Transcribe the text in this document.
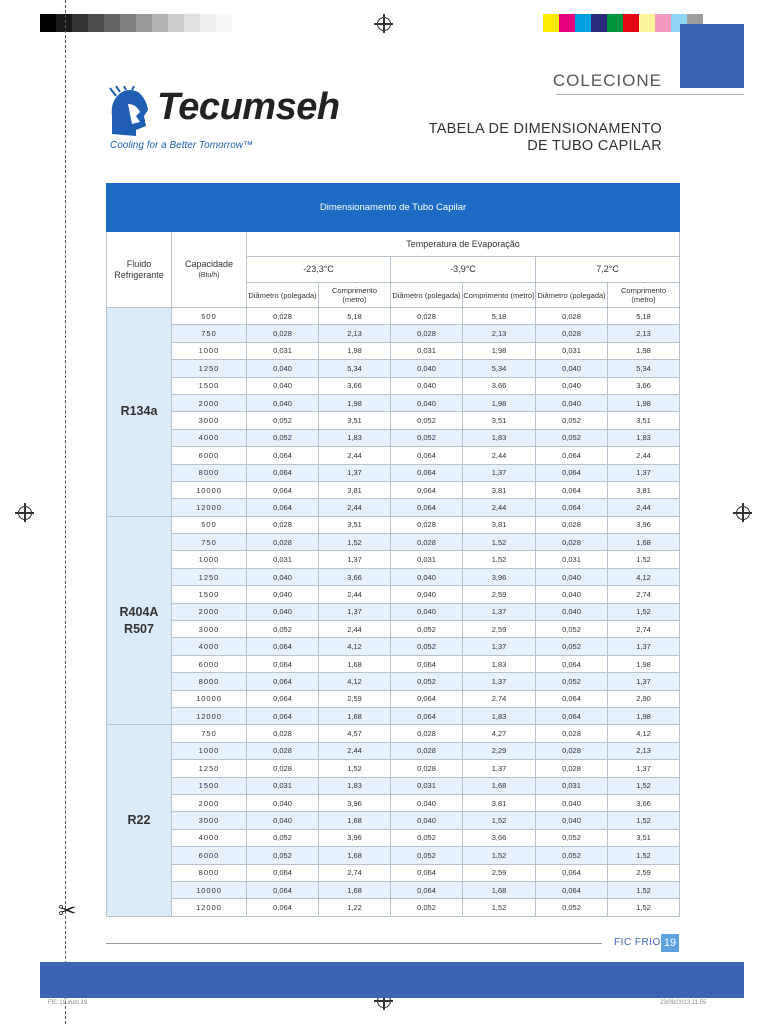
✂
COLECIONE
TABELA DE DIMENSIONAMENTO
DE TUBO CAPILAR
Tecumseh
Cooling for a Better Tomorrow™
Dimensionamento de Tubo Capilar							
Fluido Refrigerante	Capacidade
(Btu/h)	Temperatura de Evaporação					
		-23,3°C		-3,9°C		7,2°C	
		Diâmetro (polegada)	Comprimento (metro)	Diâmetro (polegada)	Comprimento (metro)	Diâmetro (polegada)	Comprimento (metro)

R134a	500	0,028	5,18	0,028	5,18	0,028	5,18
	750	0,028	2,13	0,028	2,13	0,028	2,13
	1000	0,031	1,98	0,031	1,98	0,031	1,98
	1250	0,040	5,34	0,040	5,34	0,040	5,34
	1500	0,040	3,66	0,040	3,66	0,040	3,66
	2000	0,040	1,98	0,040	1,98	0,040	1,98
	3000	0,052	3,51	0,052	3,51	0,052	3,51
	4000	0,052	1,83	0,052	1,83	0,052	1,83
	6000	0,064	2,44	0,064	2,44	0,064	2,44
	8000	0,064	1,37	0,064	1,37	0,064	1,37
	10000	0,064	3,81	0,064	3,81	0,064	3,81
	12000	0,064	2,44	0,064	2,44	0,064	2,44

R404A
R507	500	0,028	3,51	0,028	3,81	0,028	3,96
	750	0,028	1,52	0,028	1,52	0,028	1,68
	1000	0,031	1,37	0,031	1,52	0,031	1,52
	1250	0,040	3,66	0,040	3,96	0,040	4,12
	1500	0,040	2,44	0,040	2,59	0,040	2,74
	2000	0,040	1,37	0,040	1,37	0,040	1,52
	3000	0,052	2,44	0,052	2,59	0,052	2,74
	4000	0,064	4,12	0,052	1,37	0,052	1,37
	6000	0,064	1,68	0,064	1,83	0,064	1,98
	8000	0,064	4,12	0,052	1,37	0,052	1,37
	10000	0,064	2,59	0,064	2,74	0,064	2,90
	12000	0,064	1,68	0,064	1,83	0,064	1,98

R22	750	0,028	4,57	0,028	4,27	0,028	4,12
	1000	0,028	2,44	0,028	2,29	0,028	2,13
	1250	0,028	1,52	0,028	1,37	0,028	1,37
	1500	0,031	1,83	0,031	1,68	0,031	1,52
	2000	0,040	3,96	0,040	3,81	0,040	3,66
	3000	0,040	1,68	0,040	1,52	0,040	1,52
	4000	0,052	3,96	0,052	3,66	0,052	3,51
	6000	0,052	1,68	0,052	1,52	0,052	1,52
	8000	0,064	2,74	0,064	2,59	0,064	2,59
	10000	0,064	1,68	0,064	1,68	0,064	1,52
	12000	0,064	1,22	0,052	1,52	0,052	1,52
FIC FRIO 19
FIC 19.indd 19	23/09/2013 11:55
